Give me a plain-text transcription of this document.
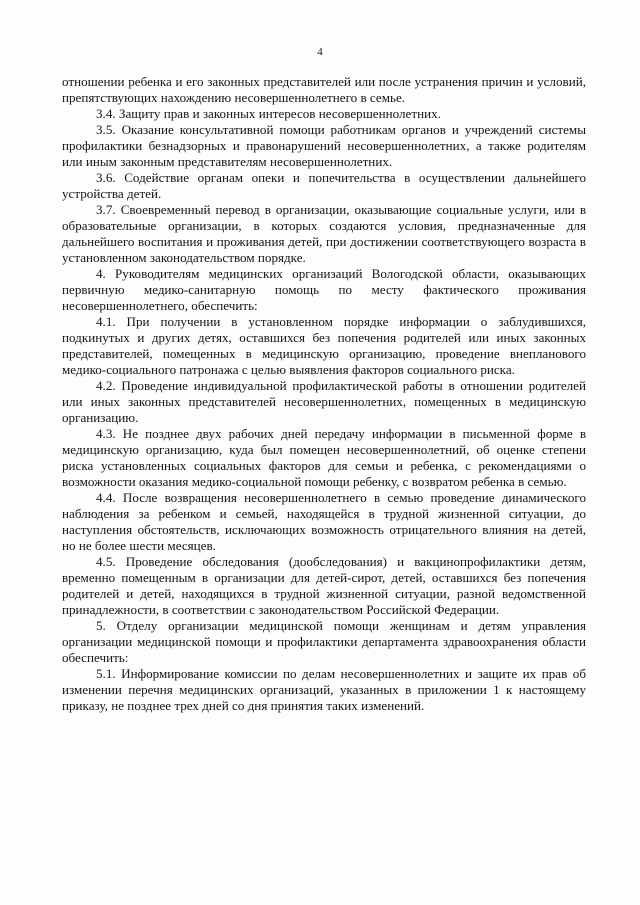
4

отношении ребенка и его законных представителей или после устранения причин и условий, препятствующих нахождению несовершеннолетнего в семье.

3.4. Защиту прав и законных интересов несовершеннолетних.

3.5. Оказание консультативной помощи работникам органов и учреждений системы профилактики безнадзорных и правонарушений несовершеннолетних, а также родителям или иным законным представителям несовершеннолетних.

3.6. Содействие органам опеки и попечительства в осуществлении дальнейшего устройства детей.

3.7. Своевременный перевод в организации, оказывающие социальные услуги, или в образовательные организации, в которых создаются условия, предназначенные для дальнейшего воспитания и проживания детей, при достижении соответствующего возраста в установленном законодательством порядке.

4. Руководителям медицинских организаций Вологодской области, оказывающих первичную медико-санитарную помощь по месту фактического проживания несовершеннолетнего, обеспечить:

4.1. При получении в установленном порядке информации о заблудившихся, подкинутых и других детях, оставшихся без попечения родителей или иных законных представителей, помещенных в медицинскую организацию, проведение внепланового медико-социального патронажа с целью выявления факторов социального риска.

4.2. Проведение индивидуальной профилактической работы в отношении родителей или иных законных представителей несовершеннолетних, помещенных в медицинскую организацию.

4.3. Не позднее двух рабочих дней передачу информации в письменной форме в медицинскую организацию, куда был помещен несовершеннолетний, об оценке степени риска установленных социальных факторов для семьи и ребенка, с рекомендациями о возможности оказания медико-социальной помощи ребенку, с возвратом ребенка в семью.

4.4. После возвращения несовершеннолетнего в семью проведение динамического наблюдения за ребенком и семьей, находящейся в трудной жизненной ситуации, до наступления обстоятельств, исключающих возможность отрицательного влияния на детей, но не более шести месяцев.

4.5. Проведение обследования (дообследования) и вакцинопрофилактики детям, временно помещенным в организации для детей-сирот, детей, оставшихся без попечения родителей и детей, находящихся в трудной жизненной ситуации, разной ведомственной принадлежности, в соответствии с законодательством Российской Федерации.

5. Отделу организации медицинской помощи женщинам и детям управления организации медицинской помощи и профилактики департамента здравоохранения области обеспечить:

5.1. Информирование комиссии по делам несовершеннолетних и защите их прав об изменении перечня медицинских организаций, указанных в приложении 1 к настоящему приказу, не позднее трех дней со дня принятия таких изменений.
